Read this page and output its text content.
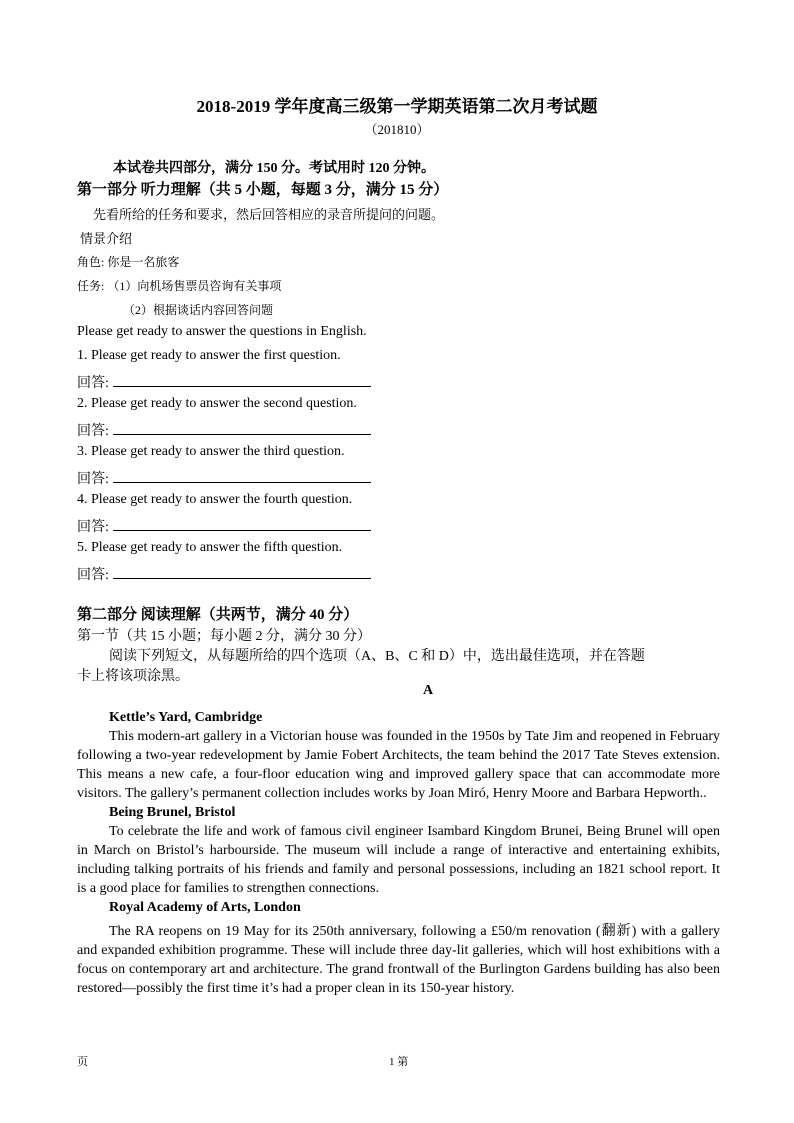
2018-2019 学年度高三级第一学期英语第二次月考试题
（201810）
本试卷共四部分，满分 150 分。考试用时 120 分钟。
第一部分 听力理解（共 5 小题，每题 3 分，满分 15 分）
先看所给的任务和要求，然后回答相应的录音所提问的问题。
情景介绍
角色: 你是一名旅客
任务: （1）向机场售票员咨询有关事项
（2）根据谈话内容回答问题
Please get ready to answer the questions in English.
1. Please get ready to answer the first question.
回答:
2. Please get ready to answer the second question.
回答:
3. Please get ready to answer the third question.
回答:
4. Please get ready to answer the fourth question.
回答:
5. Please get ready to answer the fifth question.
回答:
第二部分 阅读理解（共两节，满分 40 分）
第一节（共 15 小题；每小题 2 分，满分 30 分）
阅读下列短文，从每题所给的四个选项（A、B、C 和 D）中，选出最佳选项，并在答题
卡上将该项涂黑。
A

Kettle’s Yard, Cambridge

This modern-art gallery in a Victorian house was founded in the 1950s by Tate Jim and reopened in February following a two-year redevelopment by Jamie Fobert Architects, the team behind the 2017 Tate Steves extension. This means a new cafe, a four-floor education wing and improved gallery space that can accommodate more visitors. The gallery’s permanent collection includes works by Joan Miró, Henry Moore and Barbara Hepworth..

Being Brunel, Bristol

To celebrate the life and work of famous civil engineer Isambard Kingdom Brunei, Being Brunel will open in March on Bristol’s harbourside. The museum will include a range of interactive and entertaining exhibits, including talking portraits of his friends and family and personal possessions, including an 1821 school report. It is a good place for families to strengthen connections.

Royal Academy of Arts, London

The RA reopens on 19 May for its 250th anniversary, following a £50/m renovation (翻新) with a gallery and expanded exhibition programme. These will include three day-lit galleries, which will host exhibitions with a focus on contemporary art and architecture. The grand frontwall of the Burlington Gardens building has also been restored—possibly the first time it’s had a proper clean in its 150-year history.

页	1 第
